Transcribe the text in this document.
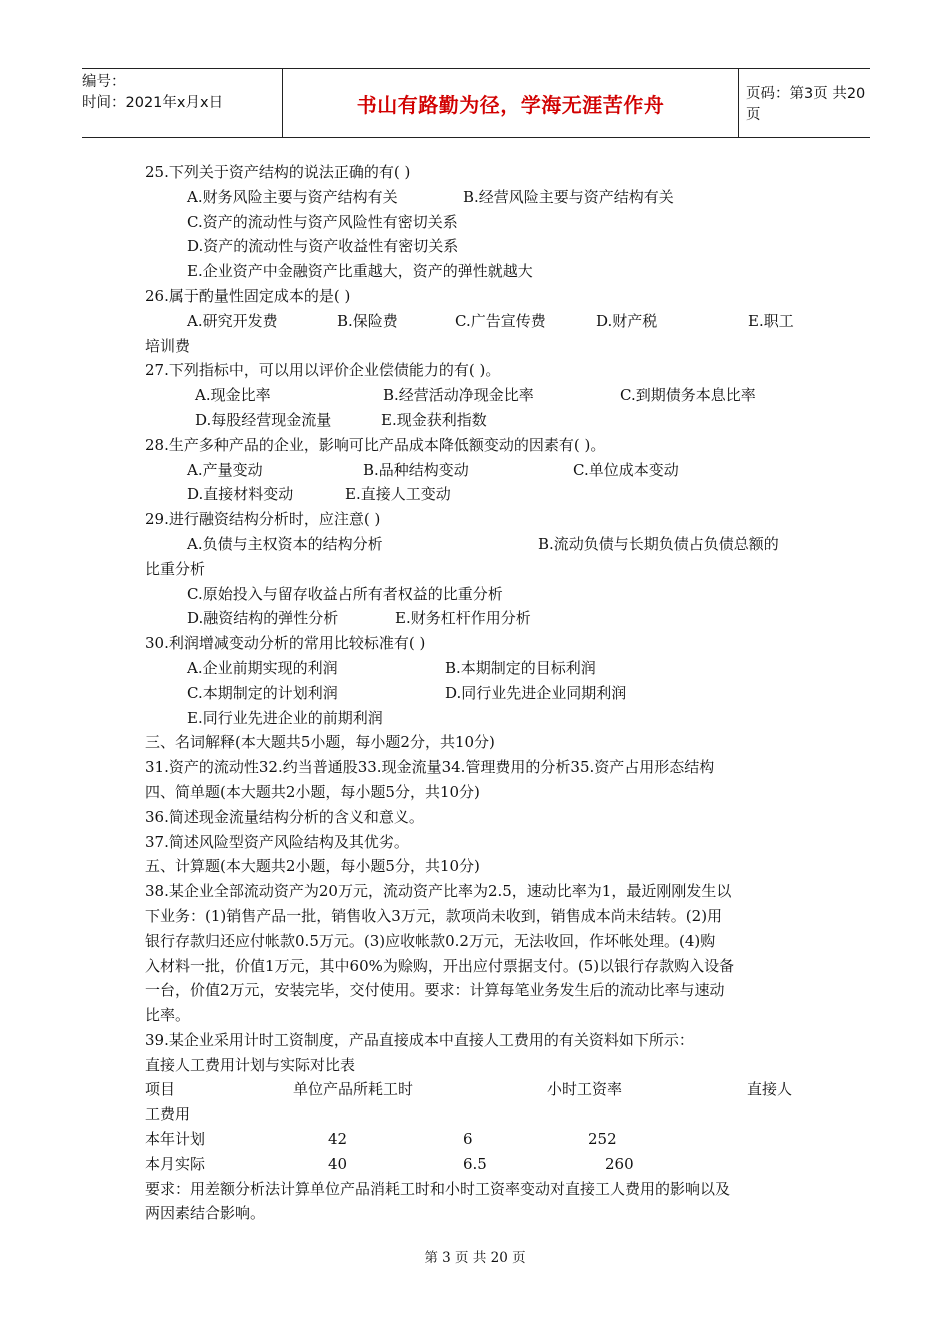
编号：
时间：2021年x月x日	书山有路勤为径，学海无涯苦作舟	页码：第3页 共20页
25.下列关于资产结构的说法正确的有( )
A.财务风险主要与资产结构有关	B.经营风险主要与资产结构有关
C.资产的流动性与资产风险性有密切关系
D.资产的流动性与资产收益性有密切关系
E.企业资产中金融资产比重越大，资产的弹性就越大
26.属于酌量性固定成本的是( )
A.研究开发费	B.保险费	C.广告宣传费	D.财产税	E.职工
培训费
27.下列指标中，可以用以评价企业偿债能力的有( )。
A.现金比率	B.经营活动净现金比率	C.到期债务本息比率
D.每股经营现金流量	E.现金获利指数
28.生产多种产品的企业，影响可比产品成本降低额变动的因素有( )。
A.产量变动	B.品种结构变动	C.单位成本变动
D.直接材料变动	E.直接人工变动
29.进行融资结构分析时，应注意( )
A.负债与主权资本的结构分析	B.流动负债与长期负债占负债总额的
比重分析
C.原始投入与留存收益占所有者权益的比重分析
D.融资结构的弹性分析	E.财务杠杆作用分析
30.利润增减变动分析的常用比较标准有( )
A.企业前期实现的利润	B.本期制定的目标利润
C.本期制定的计划利润	D.同行业先进企业同期利润
E.同行业先进企业的前期利润
三、名词解释(本大题共5小题，每小题2分，共10分)
31.资产的流动性32.约当普通股33.现金流量34.管理费用的分析35.资产占用形态结构
四、简单题(本大题共2小题，每小题5分，共10分)
36.简述现金流量结构分析的含义和意义。
37.简述风险型资产风险结构及其优劣。
五、计算题(本大题共2小题，每小题5分，共10分)
38.某企业全部流动资产为20万元，流动资产比率为2.5，速动比率为1，最近刚刚发生以
下业务：(1)销售产品一批，销售收入3万元，款项尚未收到，销售成本尚未结转。(2)用
银行存款归还应付帐款0.5万元。(3)应收帐款0.2万元，无法收回，作坏帐处理。(4)购
入材料一批，价值1万元，其中60%为赊购，开出应付票据支付。(5)以银行存款购入设备
一台，价值2万元，安装完毕，交付使用。要求：计算每笔业务发生后的流动比率与速动
比率。
39.某企业采用计时工资制度，产品直接成本中直接人工费用的有关资料如下所示：
直接人工费用计划与实际对比表
项目	单位产品所耗工时	小时工资率	直接人
工费用
本年计划	42	6	252
本月实际	40	6.5	260
要求：用差额分析法计算单位产品消耗工时和小时工资率变动对直接工人费用的影响以及
两因素结合影响。
第 3 页 共 20 页
